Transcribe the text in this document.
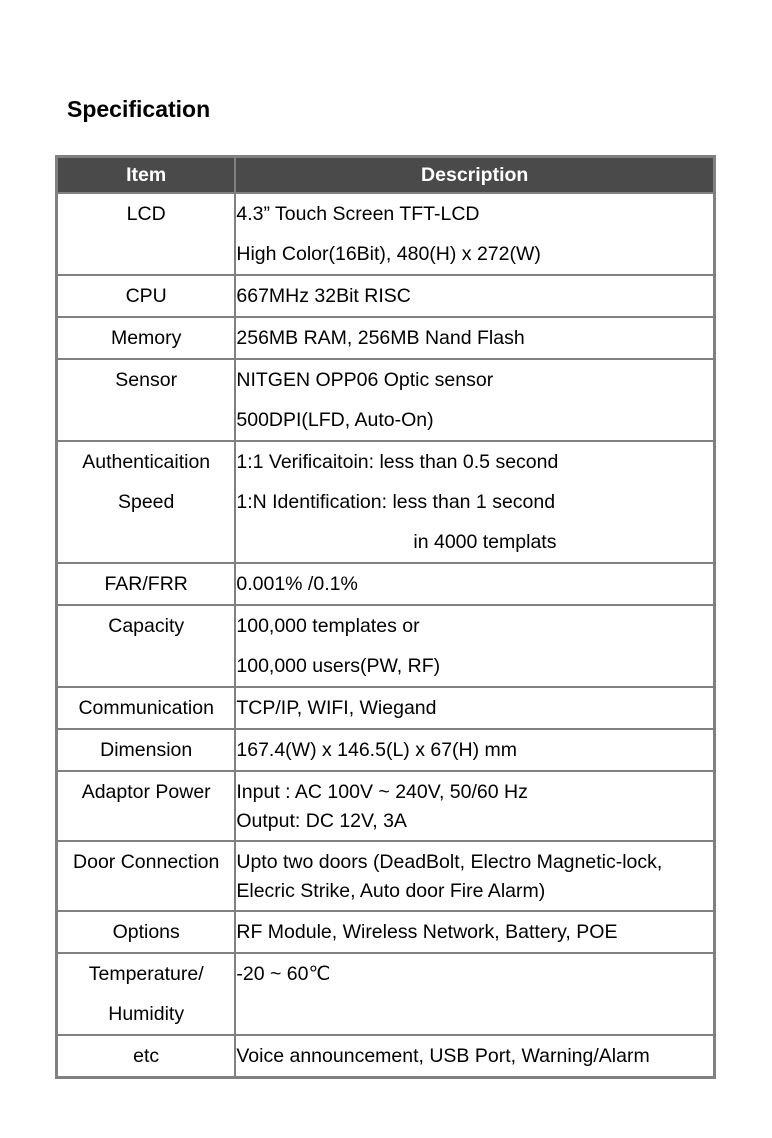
Specification
Item	Description

LCD	4.3” Touch Screen TFT-LCD
High Color(16Bit), 480(H) x 272(W)

CPU	667MHz 32Bit RISC

Memory	256MB RAM, 256MB Nand Flash

Sensor	NITGEN OPP06 Optic sensor
500DPI(LFD, Auto-On)

Authenticaition
Speed	1:1 Verificaitoin: less than 0.5 second
1:N Identification: less than 1 second
in 4000 templats

FAR/FRR	0.001% /0.1%

Capacity	100,000 templates or
100,000 users(PW, RF)

Communication	TCP/IP, WIFI, Wiegand

Dimension	167.4(W) x 146.5(L) x 67(H) mm

Adaptor Power	Input : AC 100V ~ 240V, 50/60 Hz
Output: DC 12V, 3A

Door Connection	Upto two doors (DeadBolt, Electro Magnetic-lock,
Elecric Strike, Auto door Fire Alarm)

Options	RF Module, Wireless Network, Battery, POE

Temperature/
Humidity	-20 ~ 60℃

etc	Voice announcement, USB Port, Warning/Alarm
